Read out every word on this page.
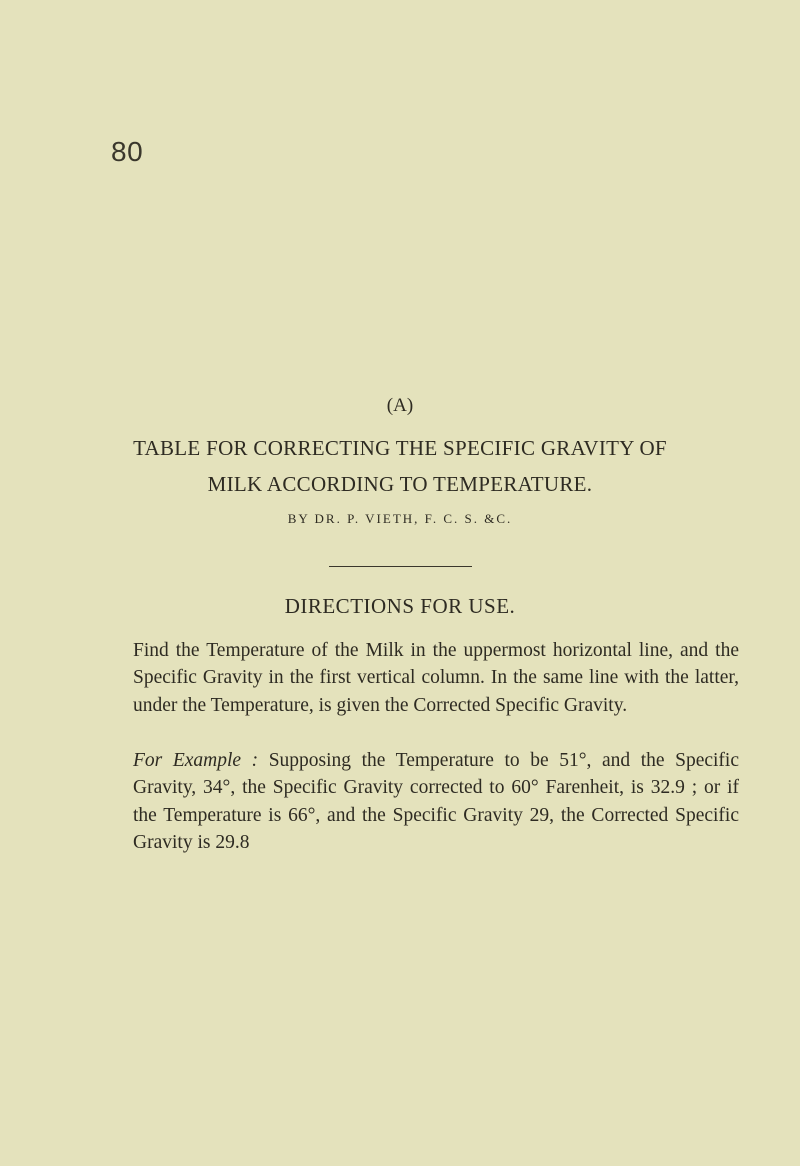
80
(A)
TABLE FOR CORRECTING THE SPECIFIC GRAVITY OF
MILK ACCORDING TO TEMPERATURE.
BY DR. P. VIETH, F. C. S. &C.
DIRECTIONS FOR USE.

Find the Temperature of the Milk in the uppermost horizontal line, and the Specific Gravity in the first vertical column. In the same line with the latter, under the Temperature, is given the Corrected Specific Gravity.

For Example : Supposing the Temperature to be 51°, and the Specific Gravity, 34°, the Specific Gravity corrected to 60° Farenheit, is 32.9 ; or if the Temperature is 66°, and the Specific Gravity 29, the Corrected Specific Gravity is 29.8
